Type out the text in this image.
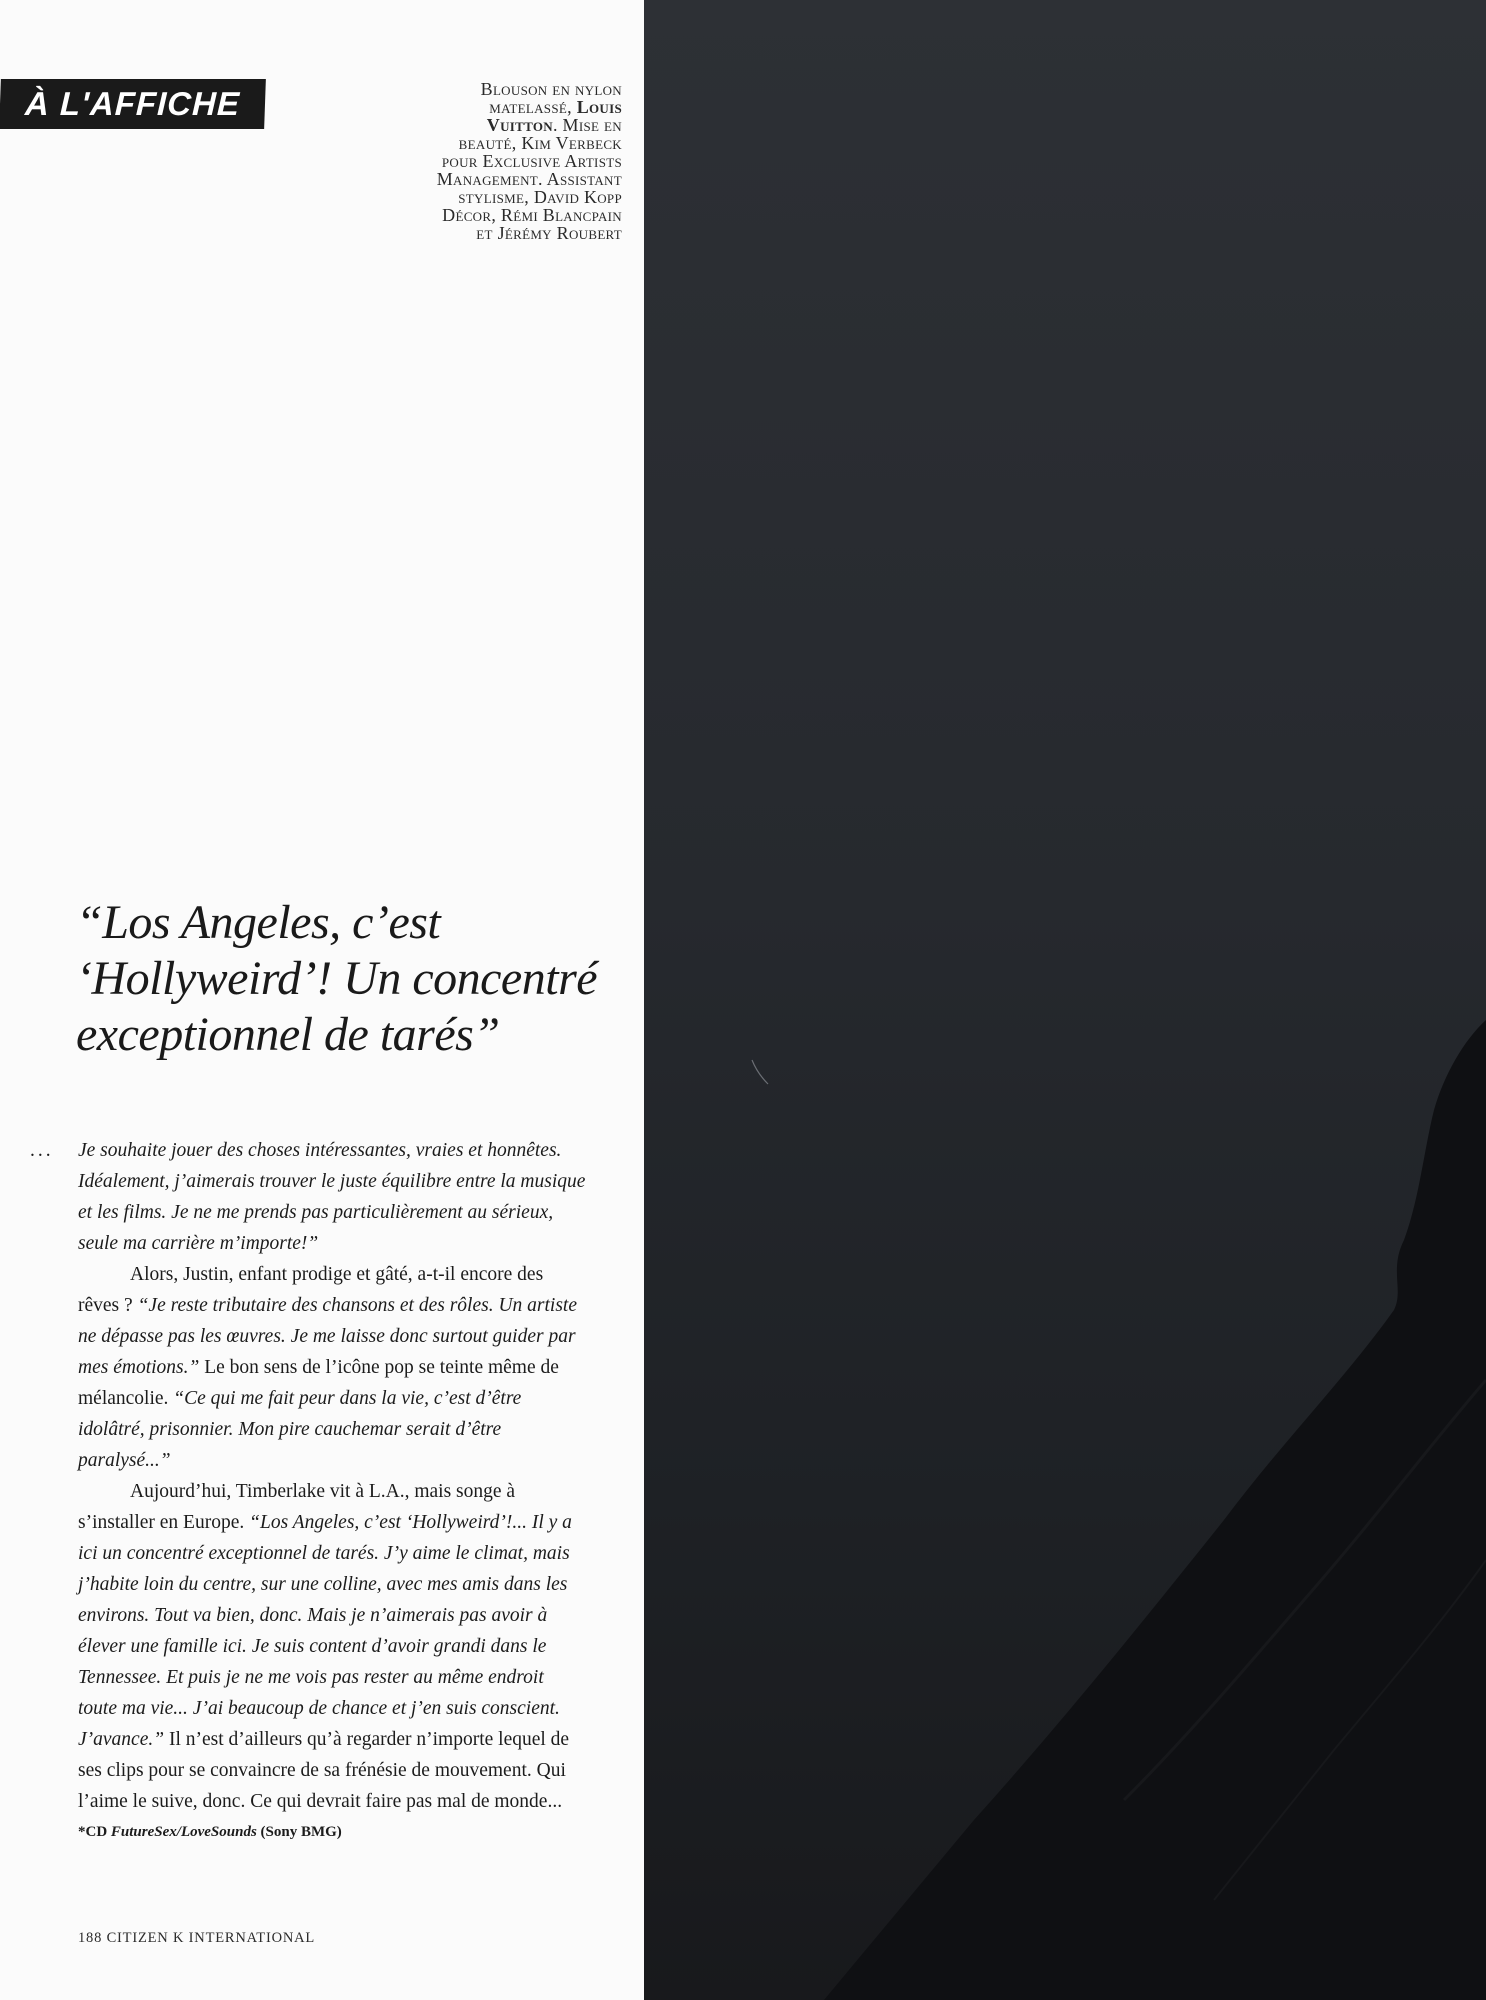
À L'AFFICHE	Blouson en nylon
matelassé, Louis
Vuitton. Mise en
beauté, Kim Verbeck
pour Exclusive Artists
Management. Assistant
stylisme, David Kopp
Décor, Rémi Blancpain
et Jérémy Roubert
“Los Angeles, c’est
‘Hollyweird’! Un concentré
exceptionnel de tarés”
... Je souhaite jouer des choses intéressantes, vraies et honnêtes. Idéalement, j’aimerais trouver le juste équilibre entre la musique et les films. Je ne me prends pas particulièrement au sérieux, seule ma carrière m’importe!”

Alors, Justin, enfant prodige et gâté, a-t-il encore des rêves ? “Je reste tributaire des chansons et des rôles. Un artiste ne dépasse pas les œuvres. Je me laisse donc surtout guider par mes émotions.” Le bon sens de l’icône pop se teinte même de mélancolie. “Ce qui me fait peur dans la vie, c’est d’être idolâtré, prisonnier. Mon pire cauchemar serait d’être paralysé...”

Aujourd’hui, Timberlake vit à L.A., mais songe à s’installer en Europe. “Los Angeles, c’est ‘Hollyweird’!... Il y a ici un concentré exceptionnel de tarés. J’y aime le climat, mais j’habite loin du centre, sur une colline, avec mes amis dans les environs. Tout va bien, donc. Mais je n’aimerais pas avoir à élever une famille ici. Je suis content d’avoir grandi dans le Tennessee. Et puis je ne me vois pas rester au même endroit toute ma vie... J’ai beaucoup de chance et j’en suis conscient. J’avance.” Il n’est d’ailleurs qu’à regarder n’importe lequel de ses clips pour se convaincre de sa frénésie de mouvement. Qui l’aime le suive, donc. Ce qui devrait faire pas mal de monde...

*CD FutureSex/LoveSounds (Sony BMG)

188 CITIZEN K INTERNATIONAL
